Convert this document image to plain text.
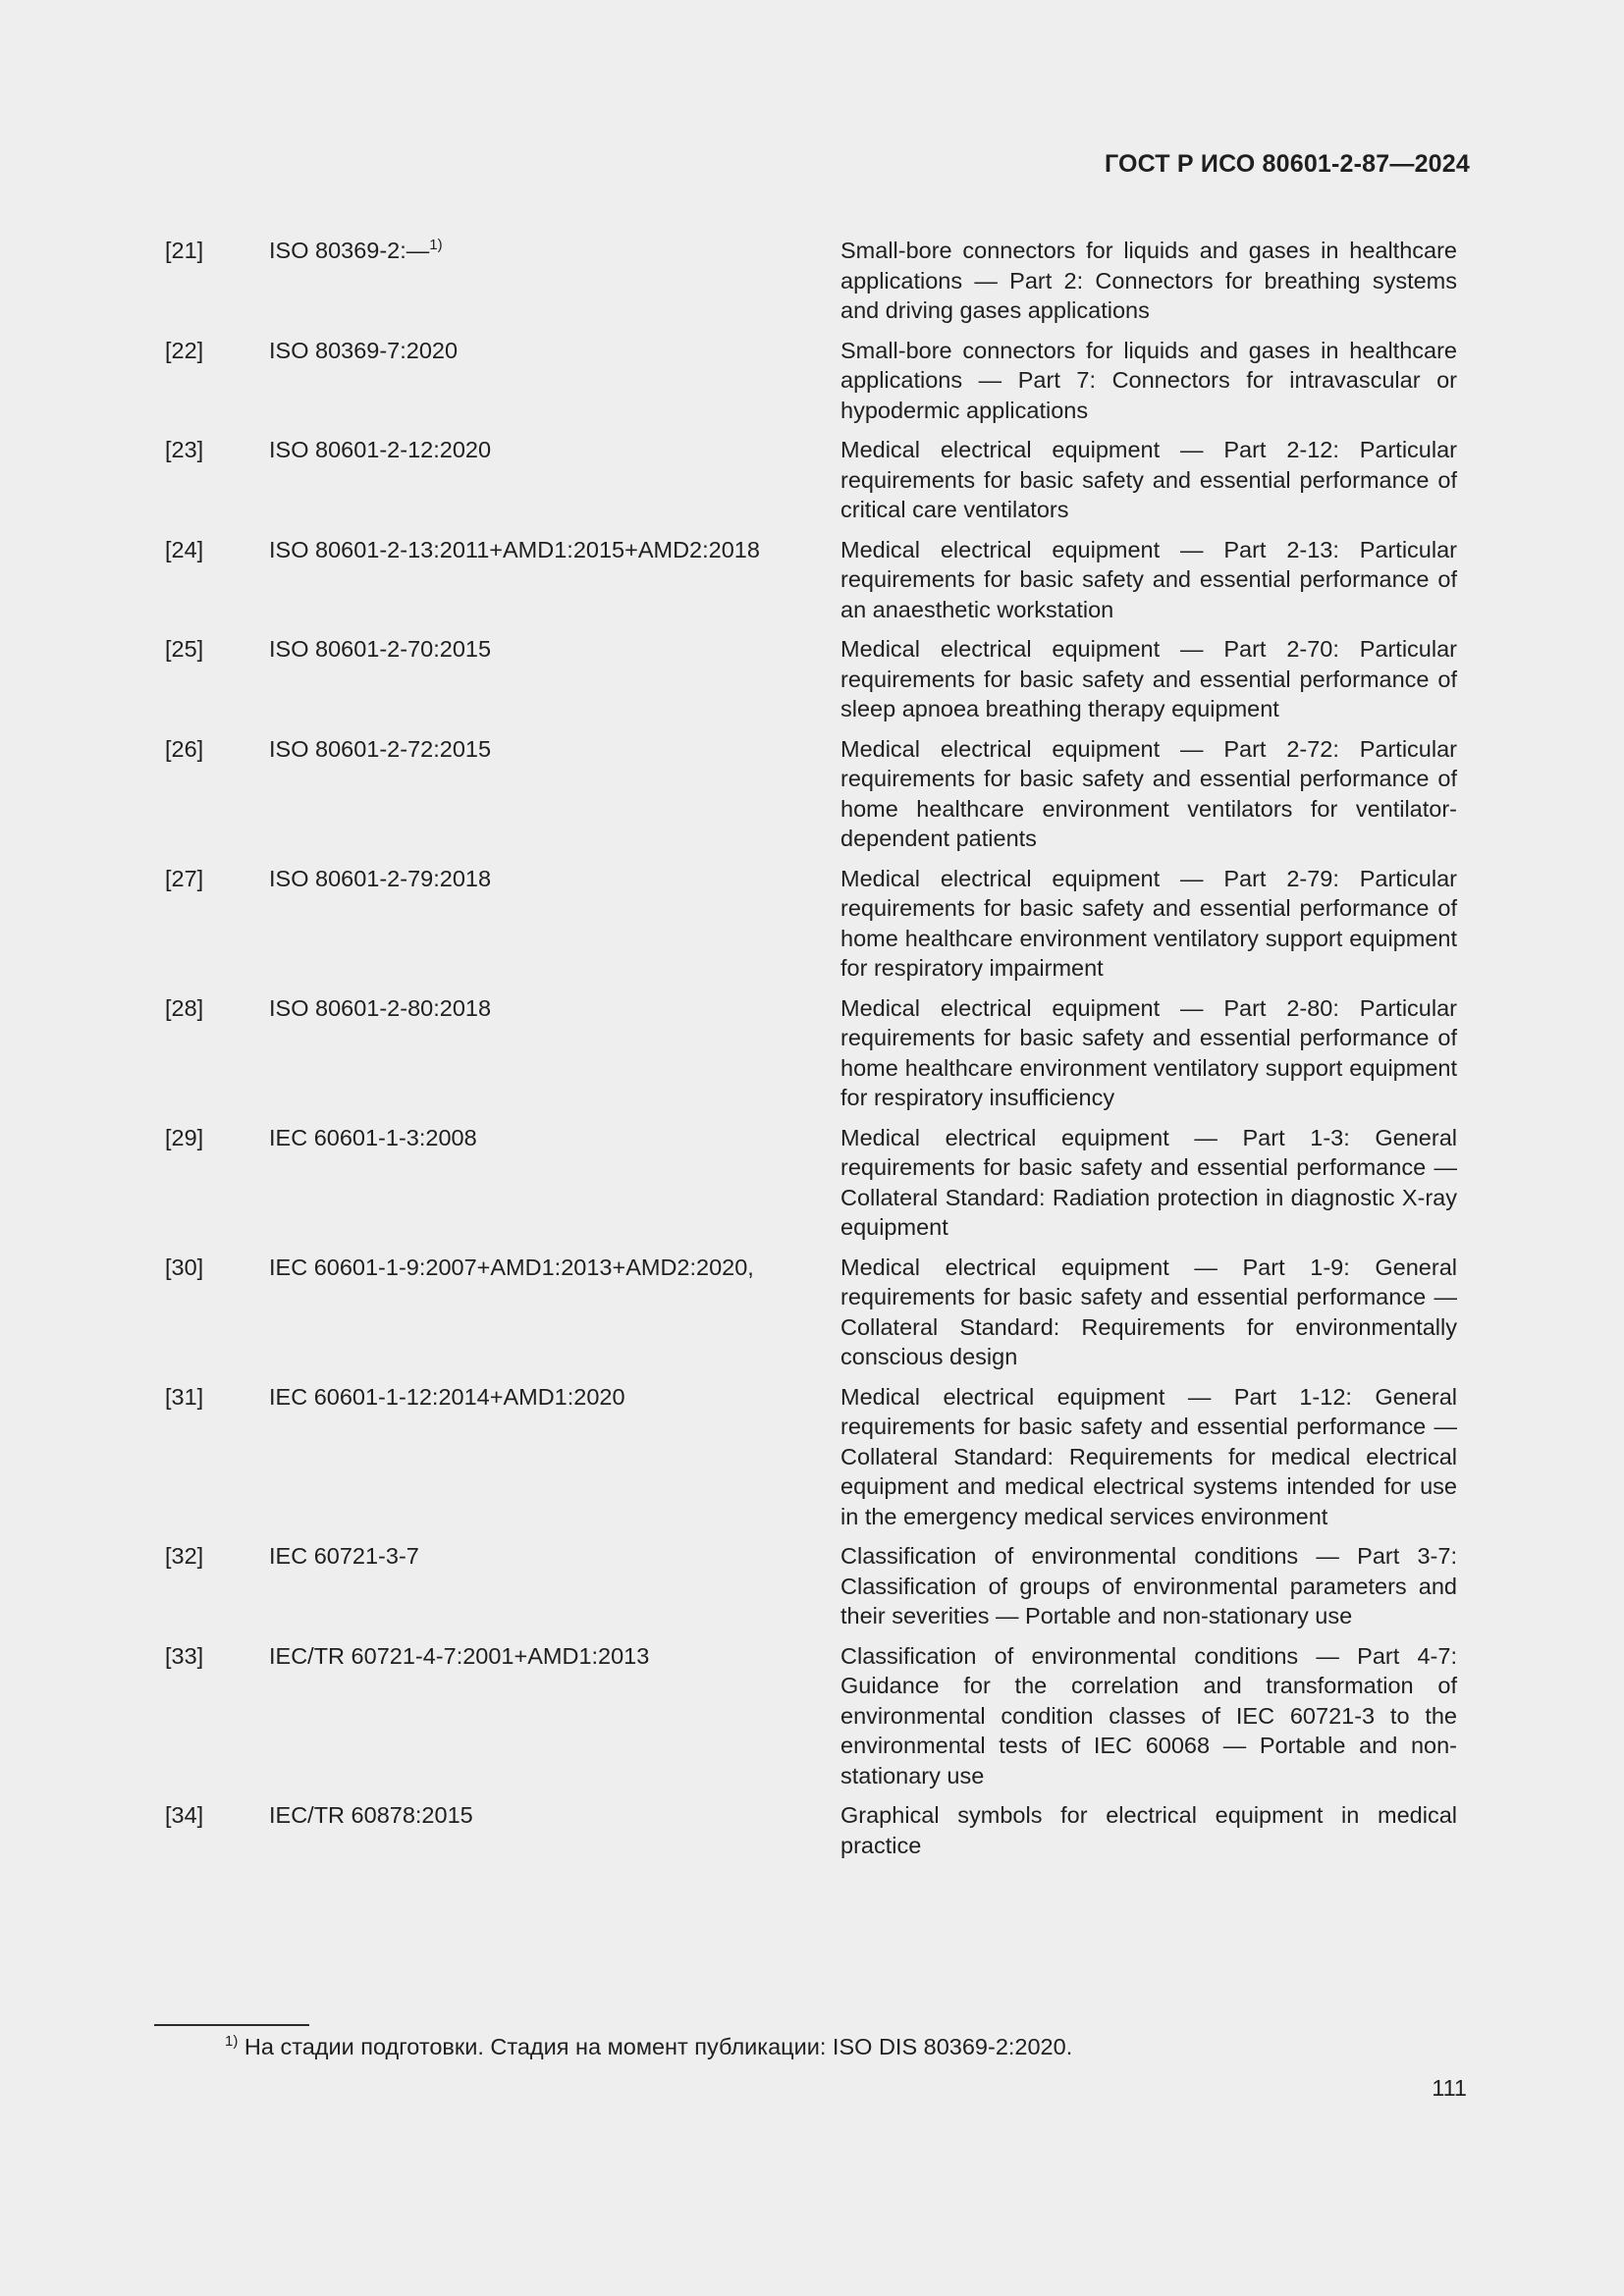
ГОСТ Р ИСО 80601-2-87—2024
[21]	ISO 80369-2:—$^{1)}$	Small-bore connectors for liquids and gases in healthcare applications — Part 2: Connectors for breathing systems and driving gases applications
[22]	ISO 80369-7:2020	Small-bore connectors for liquids and gases in healthcare applications — Part 7: Connectors for intravascular or hypodermic applications
[23]	ISO 80601-2-12:2020	Medical electrical equipment — Part 2-12: Particular requirements for basic safety and essential performance of critical care ventilators
[24]	ISO 80601-2-13:2011+AMD1:2015+AMD2:2018	Medical electrical equipment — Part 2-13: Particular requirements for basic safety and essential performance of an anaesthetic workstation
[25]	ISO 80601-2-70:2015	Medical electrical equipment — Part 2-70: Particular requirements for basic safety and essential performance of sleep apnoea breathing therapy equipment
[26]	ISO 80601-2-72:2015	Medical electrical equipment — Part 2-72: Particular requirements for basic safety and essential performance of home healthcare environment ventilators for ventilator-dependent patients
[27]	ISO 80601-2-79:2018	Medical electrical equipment — Part 2-79: Particular requirements for basic safety and essential performance of home healthcare environment ventilatory support equipment for respiratory impairment
[28]	ISO 80601-2-80:2018	Medical electrical equipment — Part 2-80: Particular requirements for basic safety and essential performance of home healthcare environment ventilatory support equipment for respiratory insufficiency
[29]	IEC 60601-1-3:2008	Medical electrical equipment — Part 1-3: General requirements for basic safety and essential performance — Collateral Standard: Radiation protection in diagnostic X-ray equipment
[30]	IEC 60601-1-9:2007+AMD1:2013+AMD2:2020,	Medical electrical equipment — Part 1-9: General requirements for basic safety and essential performance — Collateral Standard: Requirements for environmentally conscious design
[31]	IEC 60601-1-12:2014+AMD1:2020	Medical electrical equipment — Part 1-12: General requirements for basic safety and essential performance — Collateral Standard: Requirements for medical electrical equipment and medical electrical systems intended for use in the emergency medical services environment
[32]	IEC 60721-3-7	Classification of environmental conditions — Part 3-7: Classification of groups of environmental parameters and their severities — Portable and non-stationary use
[33]	IEC/TR 60721-4-7:2001+AMD1:2013	Classification of environmental conditions — Part 4-7: Guidance for the correlation and transformation of environmental condition classes of IEC 60721-3 to the environmental tests of IEC 60068 — Portable and non-stationary use
[34]	IEC/TR 60878:2015	Graphical symbols for electrical equipment in medical practice
$^{1)}$ На стадии подготовки. Стадия на момент публикации: ISO DIS 80369-2:2020.
111
